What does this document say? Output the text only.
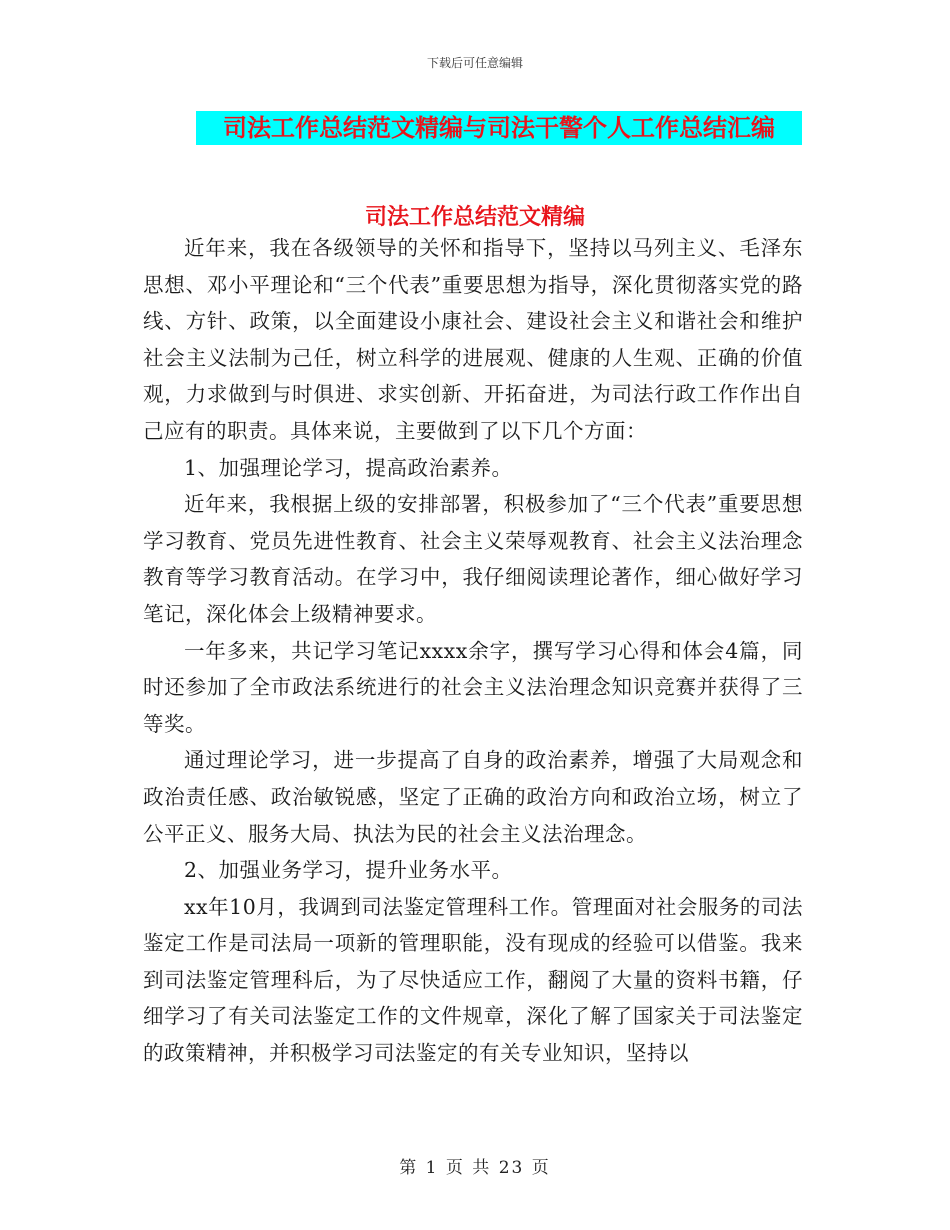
下载后可任意编辑
司法工作总结范文精编与司法干警个人工作总结汇编
司法工作总结范文精编

近年来，我在各级领导的关怀和指导下，坚持以马列主义、毛泽东思想、邓小平理论和“三个代表”重要思想为指导，深化贯彻落实党的路线、方针、政策，以全面建设小康社会、建设社会主义和谐社会和维护社会主义法制为己任，树立科学的进展观、健康的人生观、正确的价值观，力求做到与时俱进、求实创新、开拓奋进，为司法行政工作作出自己应有的职责。具体来说，主要做到了以下几个方面：

1、加强理论学习，提高政治素养。

近年来，我根据上级的安排部署，积极参加了“三个代表”重要思想学习教育、党员先进性教育、社会主义荣辱观教育、社会主义法治理念教育等学习教育活动。在学习中，我仔细阅读理论著作，细心做好学习笔记，深化体会上级精神要求。

一年多来，共记学习笔记xxxx余字，撰写学习心得和体会4篇，同时还参加了全市政法系统进行的社会主义法治理念知识竞赛并获得了三等奖。

通过理论学习，进一步提高了自身的政治素养，增强了大局观念和政治责任感、政治敏锐感，坚定了正确的政治方向和政治立场，树立了公平正义、服务大局、执法为民的社会主义法治理念。

2、加强业务学习，提升业务水平。

xx年10月，我调到司法鉴定管理科工作。管理面对社会服务的司法鉴定工作是司法局一项新的管理职能，没有现成的经验可以借鉴。我来到司法鉴定管理科后，为了尽快适应工作，翻阅了大量的资料书籍，仔细学习了有关司法鉴定工作的文件规章，深化了解了国家关于司法鉴定的政策精神，并积极学习司法鉴定的有关专业知识，坚持以

第 1 页 共 23 页
